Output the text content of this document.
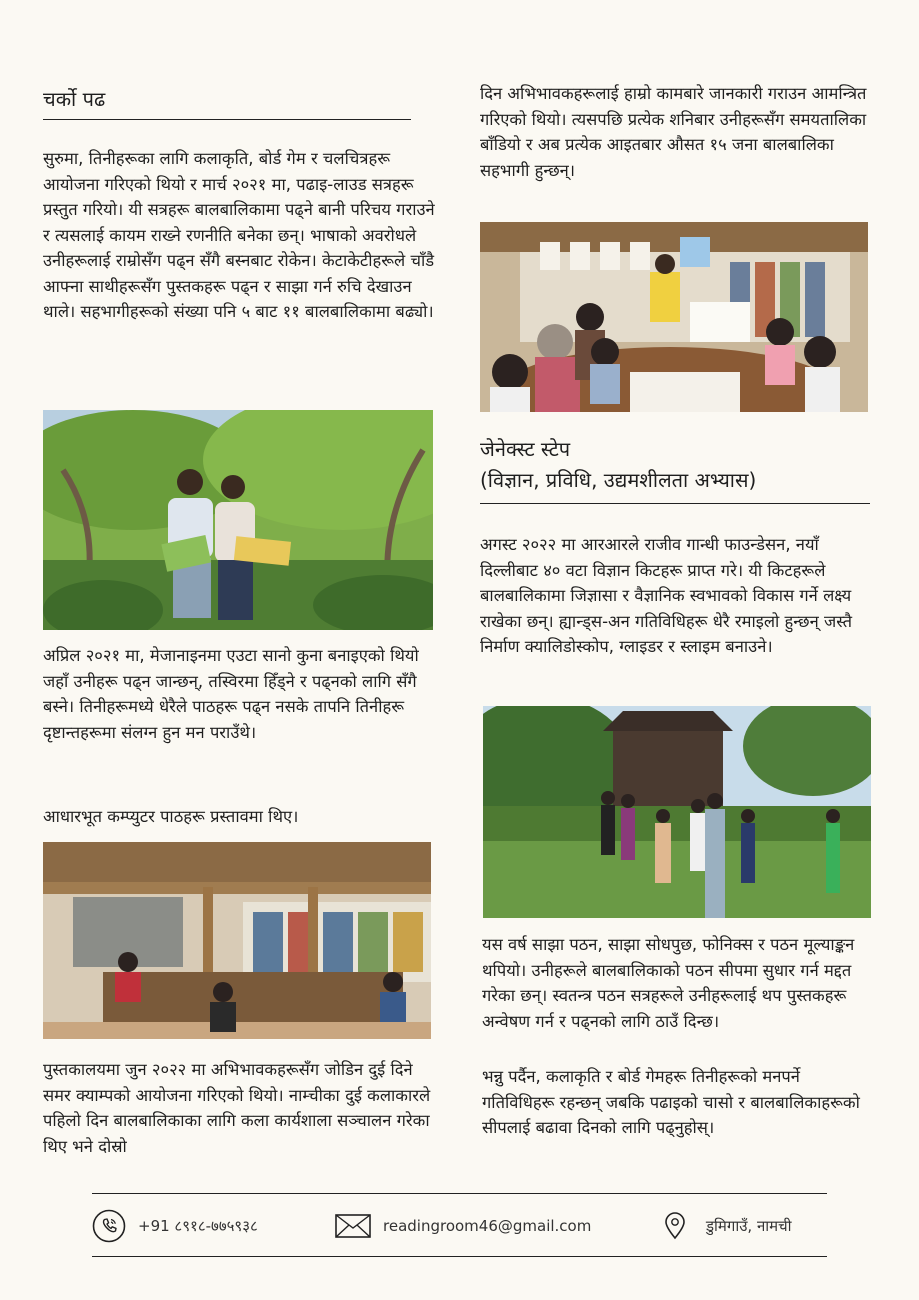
चर्को पढ

सुरुमा, तिनीहरूका लागि कलाकृति, बोर्ड गेम र चलचित्रहरू आयोजना गरिएको थियो र मार्च २०२१ मा, पढाइ-लाउड सत्रहरू प्रस्तुत गरियो। यी सत्रहरू बालबालिकामा पढ्ने बानी परिचय गराउने र त्यसलाई कायम राख्ने रणनीति बनेका छन्। भाषाको अवरोधले उनीहरूलाई राम्रोसँग पढ्न सँगै बस्नबाट रोकेन। केटाकेटीहरूले चाँडै आफ्ना साथीहरूसँग पुस्तकहरू पढ्न र साझा गर्न रुचि देखाउन थाले। सहभागीहरूको संख्या पनि ५ बाट ११ बालबालिकामा बढ्यो।

अप्रिल २०२१ मा, मेजानाइनमा एउटा सानो कुना बनाइएको थियो जहाँ उनीहरू पढ्न जान्छन्, तस्विरमा हिँड्ने र पढ्नको लागि सँगै बस्ने। तिनीहरूमध्ये धेरैले पाठहरू पढ्न नसके तापनि तिनीहरू दृष्टान्तहरूमा संलग्न हुन मन पराउँथे।

आधारभूत कम्प्युटर पाठहरू प्रस्तावमा थिए।

पुस्तकालयमा जुन २०२२ मा अभिभावकहरूसँग जोडिन दुई दिने समर क्याम्पको आयोजना गरिएको थियो। नाम्चीका दुई कलाकारले पहिलो दिन बालबालिकाका लागि कला कार्यशाला सञ्चालन गरेका थिए भने दोस्रो

दिन अभिभावकहरूलाई हाम्रो कामबारे जानकारी गराउन आमन्त्रित गरिएको थियो। त्यसपछि प्रत्येक शनिबार उनीहरूसँग समयतालिका बाँडियो र अब प्रत्येक आइतबार औसत १५ जना बालबालिका सहभागी हुन्छन्।

जेनेक्स्ट स्टेप
(विज्ञान, प्रविधि, उद्यमशीलता अभ्यास)

अगस्ट २०२२ मा आरआरले राजीव गान्धी फाउन्डेसन, नयाँ दिल्लीबाट ४० वटा विज्ञान किटहरू प्राप्त गरे। यी किटहरूले बालबालिकामा जिज्ञासा र वैज्ञानिक स्वभावको विकास गर्ने लक्ष्य राखेका छन्। ह्यान्ड्स-अन गतिविधिहरू धेरै रमाइलो हुन्छन् जस्तै निर्माण क्यालिडोस्कोप, ग्लाइडर र स्लाइम बनाउने।

यस वर्ष साझा पठन, साझा सोधपुछ, फोनिक्स र पठन मूल्याङ्कन थपियो। उनीहरूले बालबालिकाको पठन सीपमा सुधार गर्न मद्दत गरेका छन्। स्वतन्त्र पठन सत्रहरूले उनीहरूलाई थप पुस्तकहरू अन्वेषण गर्न र पढ्नको लागि ठाउँ दिन्छ।

भन्नु पर्दैन, कलाकृति र बोर्ड गेमहरू तिनीहरूको मनपर्ने गतिविधिहरू रहन्छन् जबकि पढाइको चासो र बालबालिकाहरूको सीपलाई बढावा दिनको लागि पढ्नुहोस्।

+91 ८९१८-७७५९३८	readingroom46@gmail.com	डुमिगाउँ, नामची
